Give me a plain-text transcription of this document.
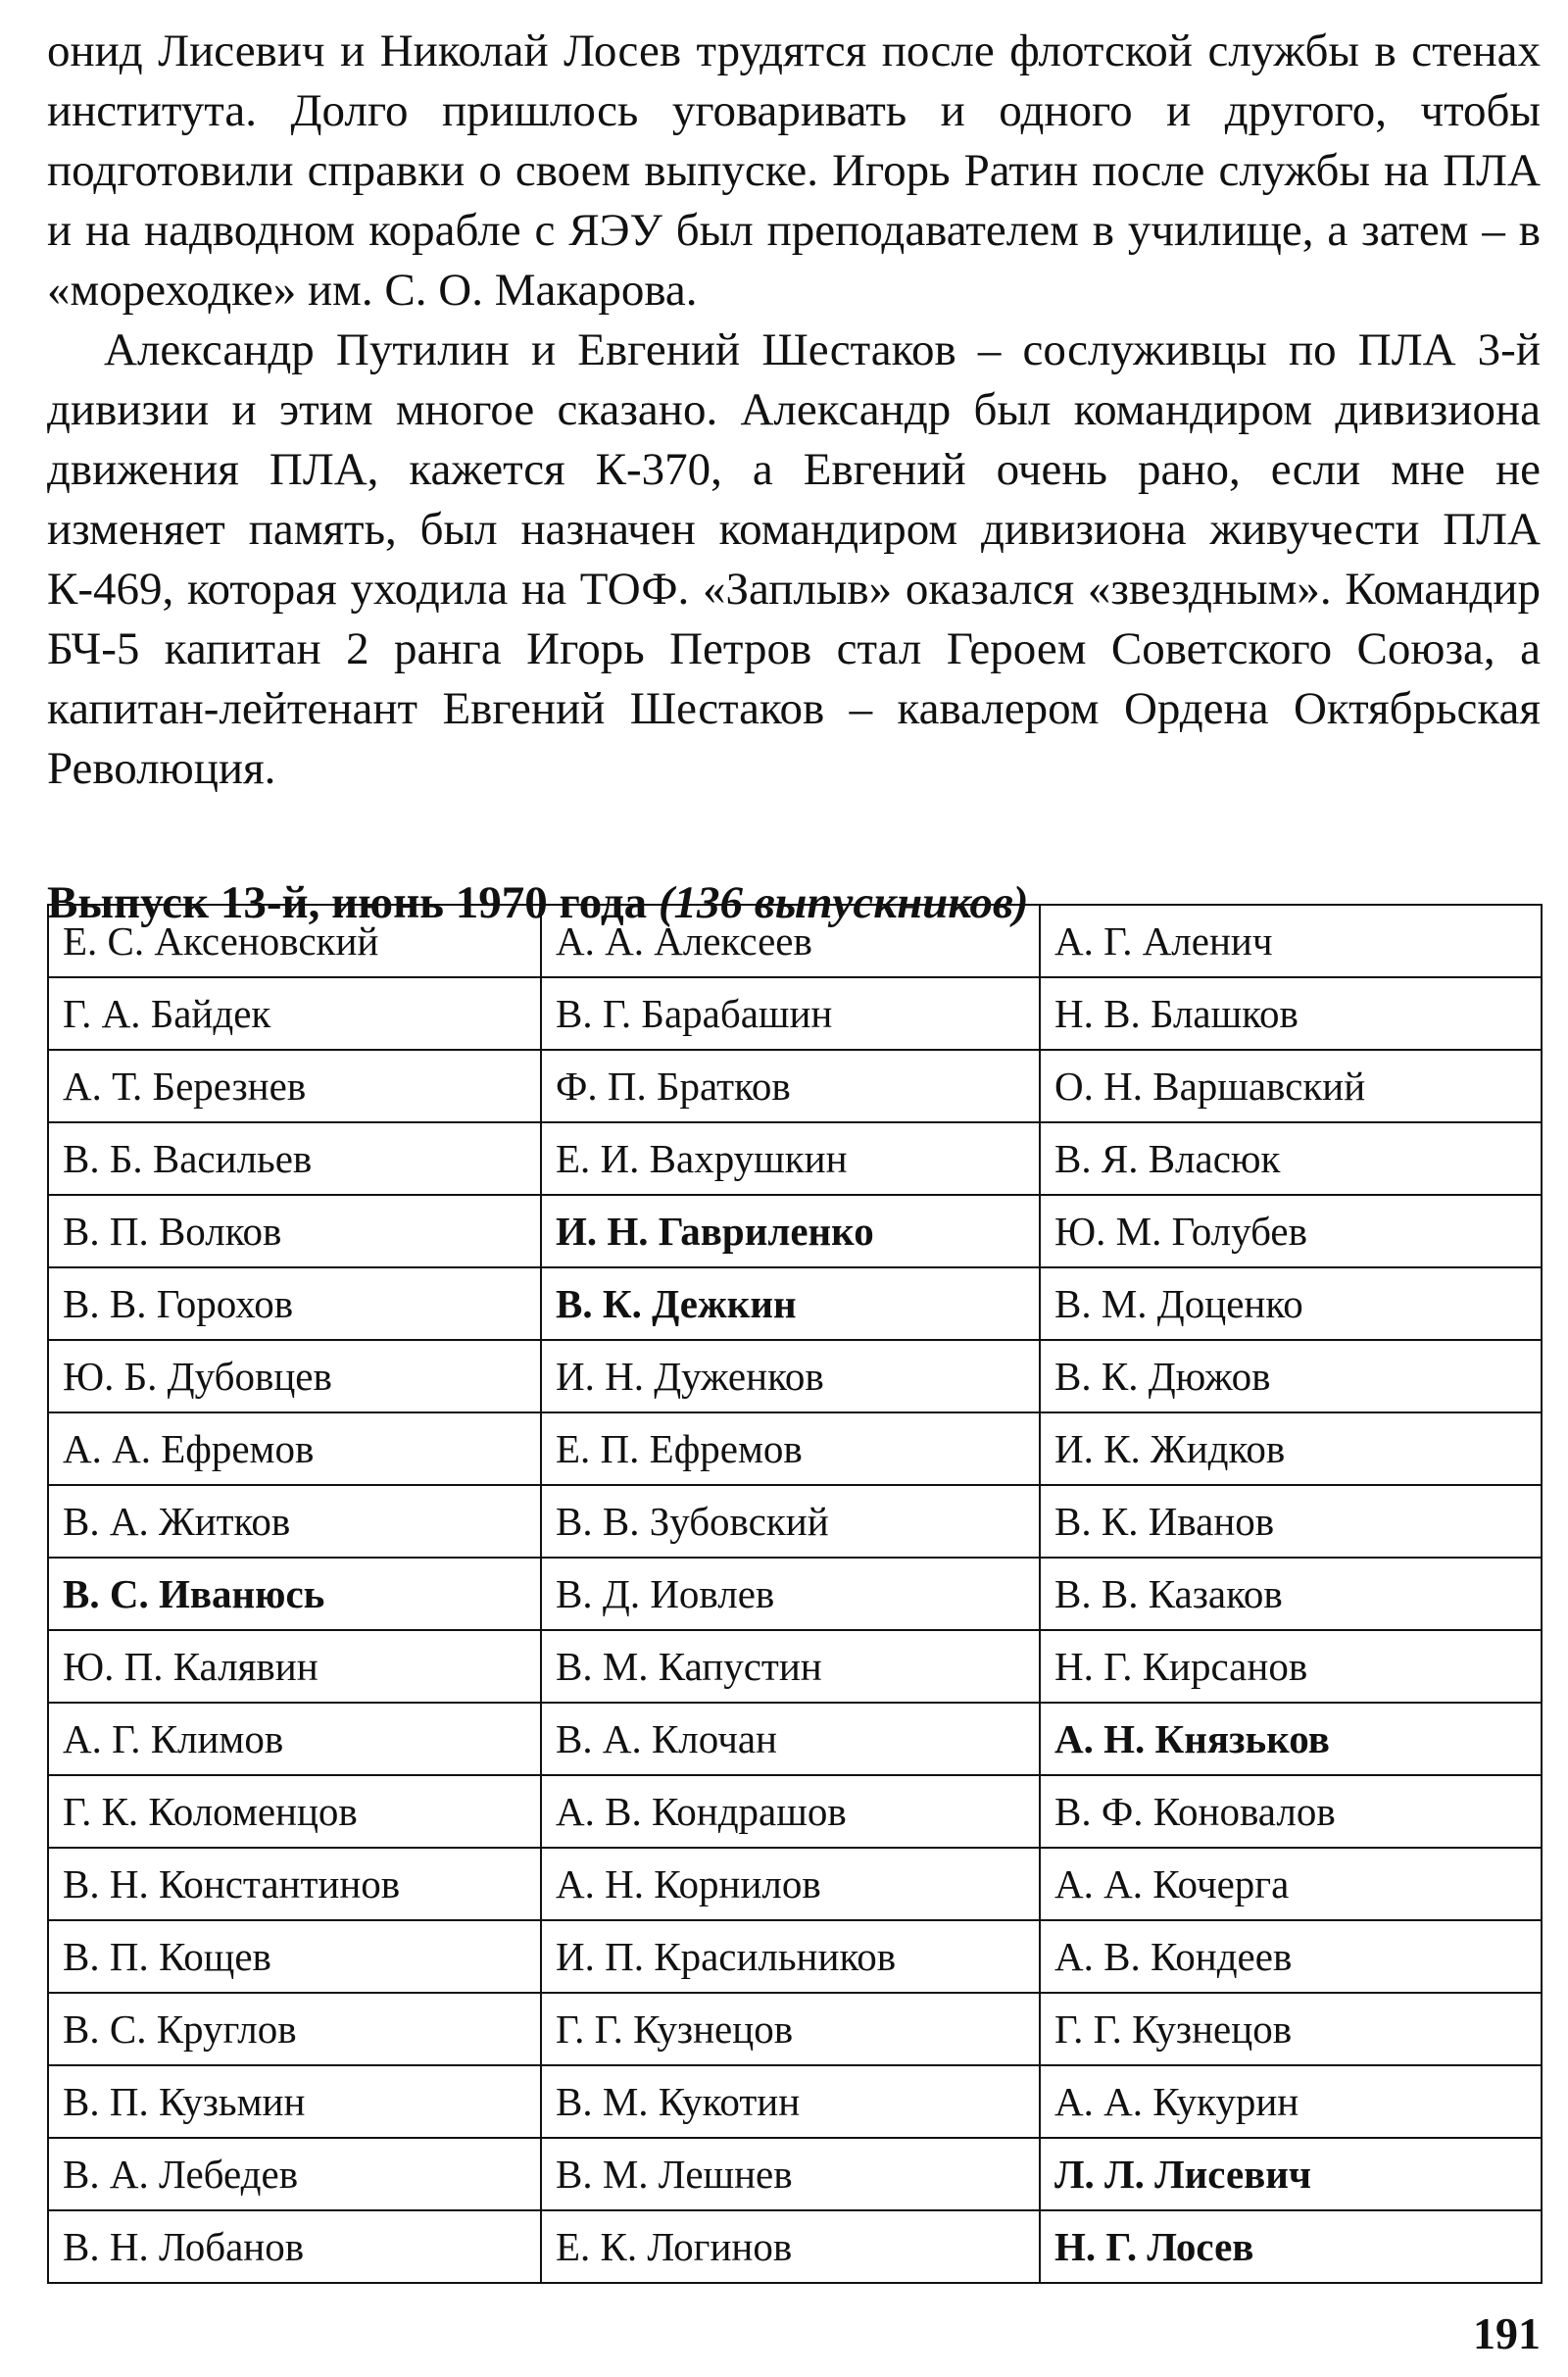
онид Лисевич и Николай Лосев трудятся после флотской службы в стенах института. Долго пришлось уговаривать и одного и другого, чтобы подготовили справки о своем выпуске. Игорь Ратин после службы на ПЛА и на надводном корабле с ЯЭУ был преподавателем в училище, а затем – в «мореходке» им. С. О. Макарова.

Александр Путилин и Евгений Шестаков – сослуживцы по ПЛА 3-й дивизии и этим многое сказано. Александр был командиром дивизиона движения ПЛА, кажется К-370, а Евгений очень рано, если мне не изменяет память, был назначен командиром дивизиона живучести ПЛА К-469, которая уходила на ТОФ. «Заплыв» оказался «звездным». Командир БЧ-5 капитан 2 ранга Игорь Петров стал Героем Советского Союза, а капитан-лейтенант Евгений Шестаков – кавалером Ордена Октябрьская Революция.

Выпуск 13-й, июнь 1970 года (136 выпускников)
Е. С. Аксеновский	А. А. Алексеев	А. Г. Аленич
Г. А. Байдек	В. Г. Барабашин	Н. В. Блашков
А. Т. Березнев	Ф. П. Братков	О. Н. Варшавский
В. Б. Васильев	Е. И. Вахрушкин	В. Я. Власюк
В. П. Волков	И. Н. Гавриленко	Ю. М. Голубев
В. В. Горохов	В. К. Дежкин	В. М. Доценко
Ю. Б. Дубовцев	И. Н. Дуженков	В. К. Дюжов
А. А. Ефремов	Е. П. Ефремов	И. К. Жидков
В. А. Житков	В. В. Зубовский	В. К. Иванов
В. С. Иванюсь	В. Д. Иовлев	В. В. Казаков
Ю. П. Калявин	В. М. Капустин	Н. Г. Кирсанов
А. Г. Климов	В. А. Клочан	А. Н. Князьков
Г. К. Коломенцов	А. В. Кондрашов	В. Ф. Коновалов
В. Н. Константинов	А. Н. Корнилов	А. А. Кочерга
В. П. Кощев	И. П. Красильников	А. В. Кондеев
В. С. Круглов	Г. Г. Кузнецов	Г. Г. Кузнецов
В. П. Кузьмин	В. М. Кукотин	А. А. Кукурин
В. А. Лебедев	В. М. Лешнев	Л. Л. Лисевич
В. Н. Лобанов	Е. К. Логинов	Н. Г. Лосев
191
